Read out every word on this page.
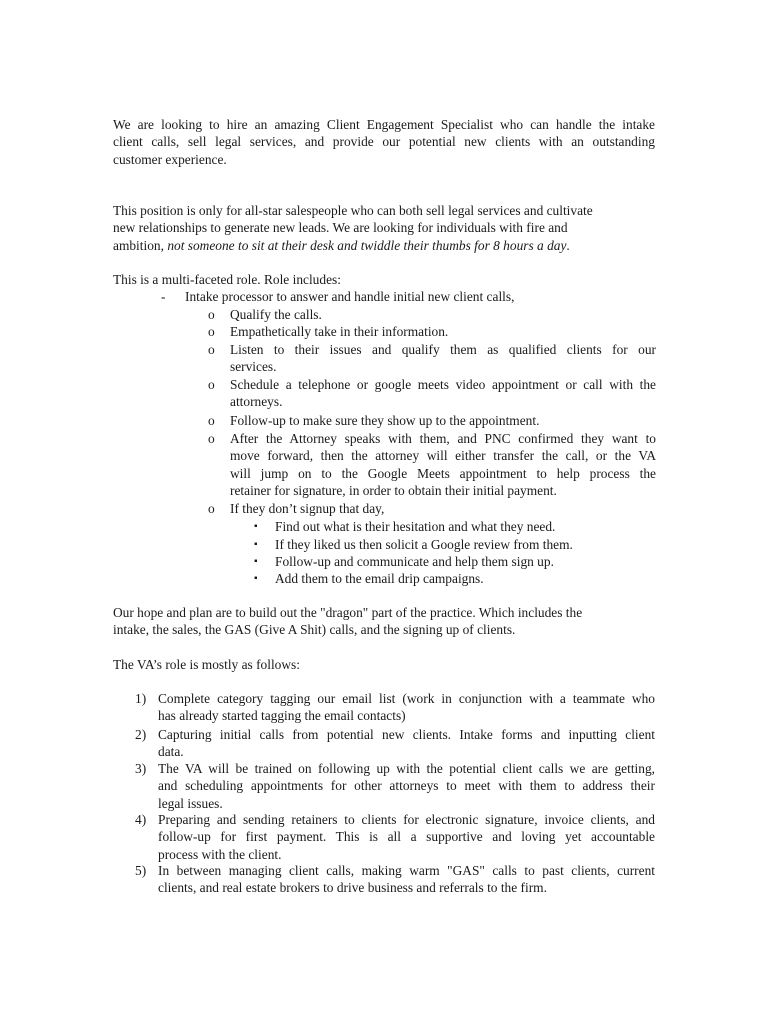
We are looking to hire an amazing Client Engagement Specialist who can handle the intake
client calls, sell legal services, and provide our potential new clients with an outstanding
customer experience.

This position is only for all-star salespeople who can both sell legal services and cultivate
new relationships to generate new leads. We are looking for individuals with fire and
ambition, not someone to sit at their desk and twiddle their thumbs for 8 hours a day.

This is a multi-faceted role. Role includes:
- Intake processor to answer and handle initial new client calls,
o Qualify the calls.
o Empathetically take in their information.
o Listen to their issues and qualify them as qualified clients for our
services.
o Schedule a telephone or google meets video appointment or call with the
attorneys.
o Follow-up to make sure they show up to the appointment.
o After the Attorney speaks with them, and PNC confirmed they want to
move forward, then the attorney will either transfer the call, or the VA
will jump on to the Google Meets appointment to help process the
retainer for signature, in order to obtain their initial payment.
o If they don’t signup that day,
▪ Find out what is their hesitation and what they need.
▪ If they liked us then solicit a Google review from them.
▪ Follow-up and communicate and help them sign up.
▪ Add them to the email drip campaigns.

Our hope and plan are to build out the "dragon" part of the practice. Which includes the
intake, the sales, the GAS (Give A Shit) calls, and the signing up of clients.

The VA’s role is mostly as follows:
1) Complete category tagging our email list (work in conjunction with a teammate who
has already started tagging the email contacts)
2) Capturing initial calls from potential new clients. Intake forms and inputting client
data.
3) The VA will be trained on following up with the potential client calls we are getting,
and scheduling appointments for other attorneys to meet with them to address their
legal issues.
4) Preparing and sending retainers to clients for electronic signature, invoice clients, and
follow-up for first payment. This is all a supportive and loving yet accountable
process with the client.
5) In between managing client calls, making warm "GAS" calls to past clients, current
clients, and real estate brokers to drive business and referrals to the firm.
